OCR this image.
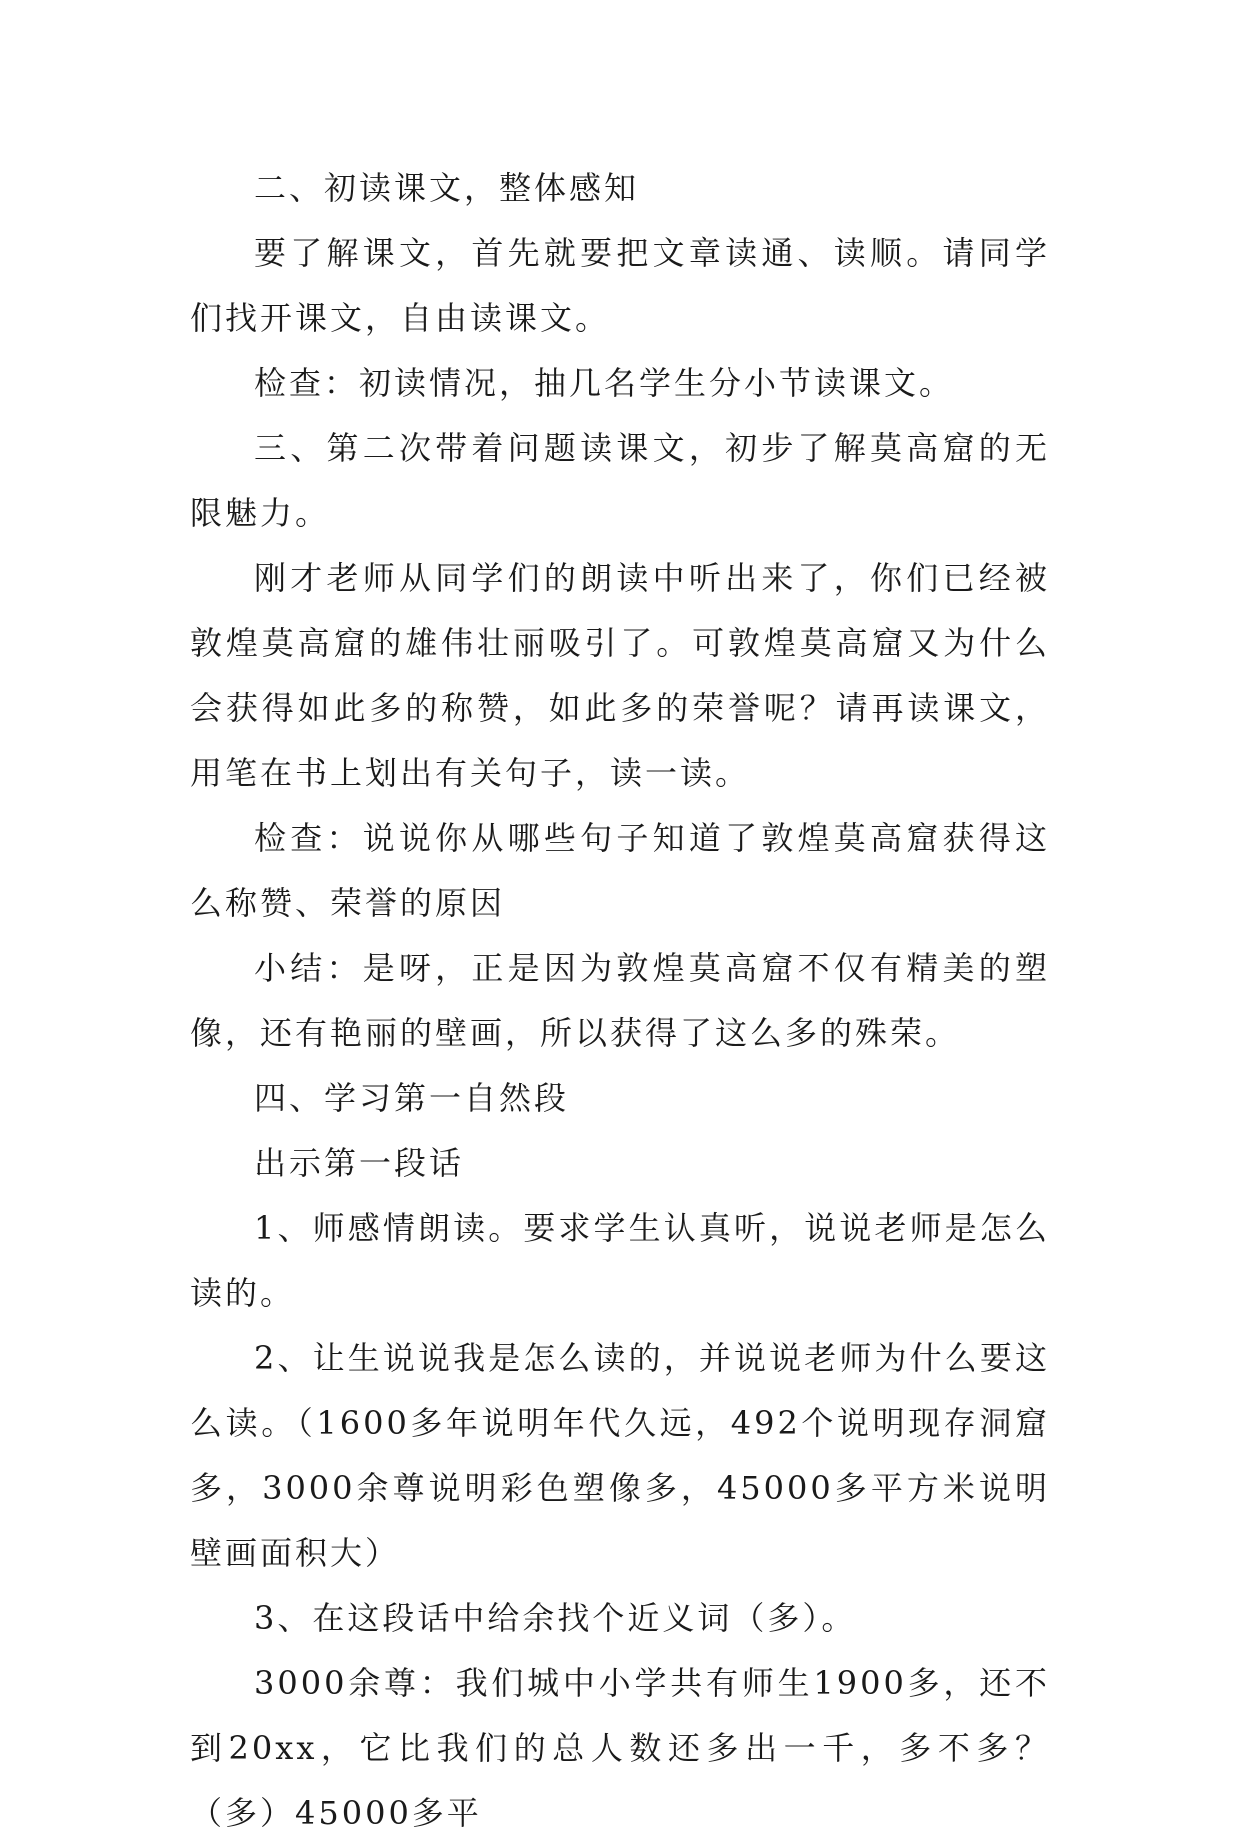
二、初读课文，整体感知

要了解课文，首先就要把文章读通、读顺。请同学们找开课文，自由读课文。

检查：初读情况，抽几名学生分小节读课文。

三、第二次带着问题读课文，初步了解莫高窟的无限魅力。

刚才老师从同学们的朗读中听出来了，你们已经被敦煌莫高窟的雄伟壮丽吸引了。可敦煌莫高窟又为什么会获得如此多的称赞，如此多的荣誉呢？请再读课文，用笔在书上划出有关句子，读一读。

检查：说说你从哪些句子知道了敦煌莫高窟获得这么称赞、荣誉的原因

小结：是呀，正是因为敦煌莫高窟不仅有精美的塑像，还有艳丽的壁画，所以获得了这么多的殊荣。

四、学习第一自然段

出示第一段话

1、师感情朗读。要求学生认真听，说说老师是怎么读的。

2、让生说说我是怎么读的，并说说老师为什么要这么读。（1600多年说明年代久远，492个说明现存洞窟多，3000余尊说明彩色塑像多，45000多平方米说明壁画面积大）

3、在这段话中给余找个近义词（多）。

3000余尊：我们城中小学共有师生1900多，还不到20xx，它比我们的总人数还多出一千，多不多？（多）45000多平
